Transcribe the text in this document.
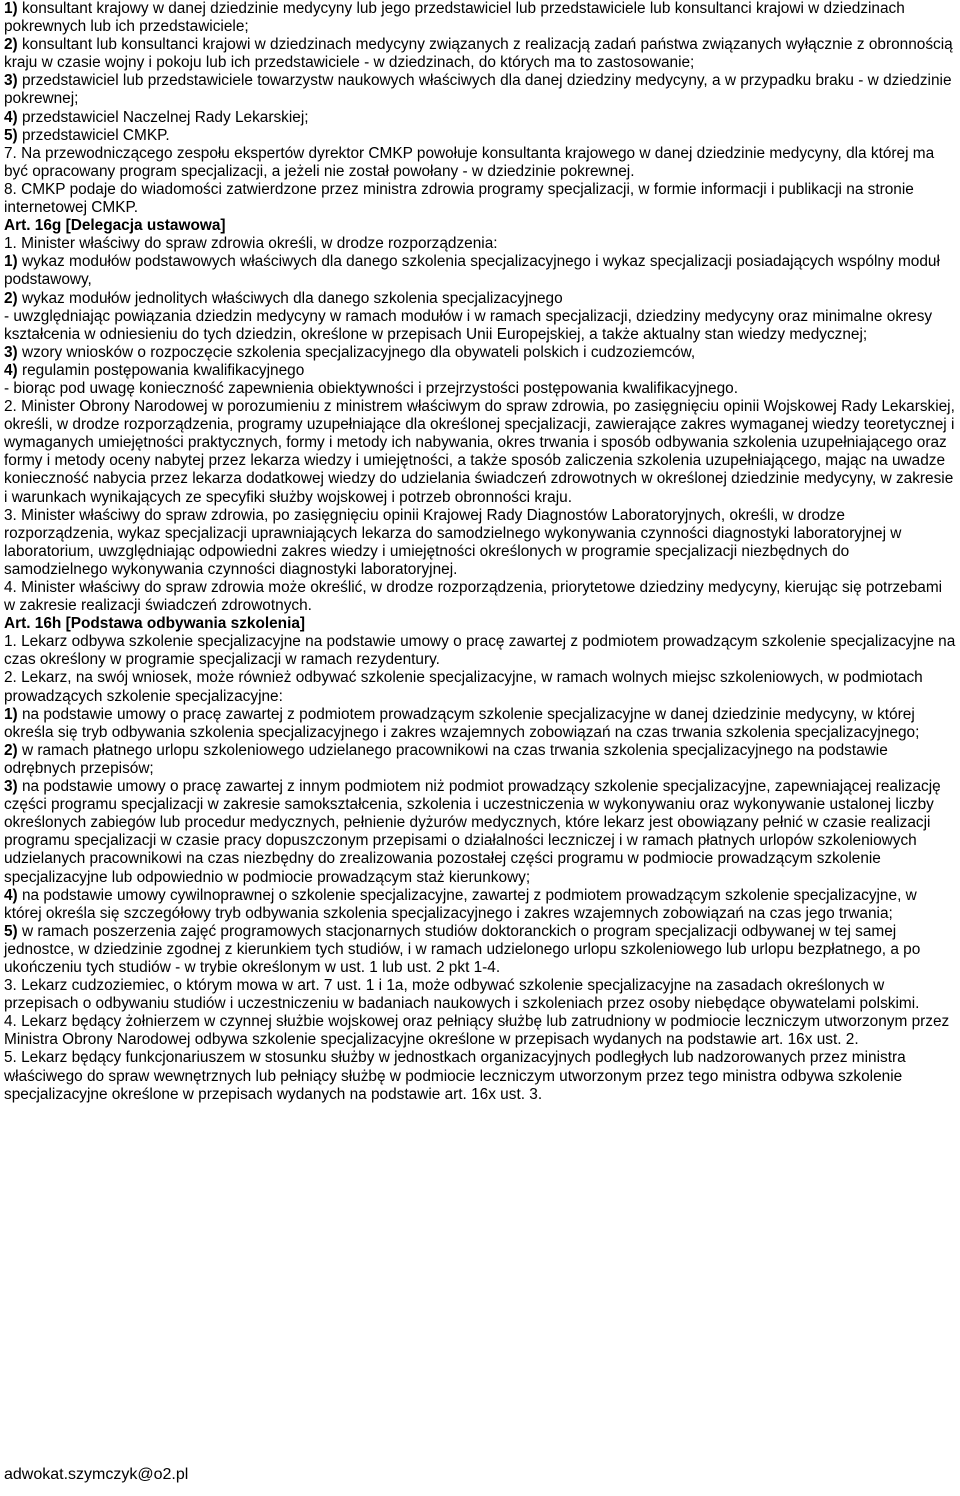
1) konsultant krajowy w danej dziedzinie medycyny lub jego przedstawiciel lub przedstawiciele lub konsultanci krajowi w dziedzinach pokrewnych lub ich przedstawiciele;

2) konsultant lub konsultanci krajowi w dziedzinach medycyny związanych z realizacją zadań państwa związanych wyłącznie z obronnością kraju w czasie wojny i pokoju lub ich przedstawiciele - w dziedzinach, do których ma to zastosowanie;

3) przedstawiciel lub przedstawiciele towarzystw naukowych właściwych dla danej dziedziny medycyny, a w przypadku braku - w dziedzinie pokrewnej;

4) przedstawiciel Naczelnej Rady Lekarskiej;

5) przedstawiciel CMKP.

7. Na przewodniczącego zespołu ekspertów dyrektor CMKP powołuje konsultanta krajowego w danej dziedzinie medycyny, dla której ma być opracowany program specjalizacji, a jeżeli nie został powołany - w dziedzinie pokrewnej.

8. CMKP podaje do wiadomości zatwierdzone przez ministra zdrowia programy specjalizacji, w formie informacji i publikacji na stronie internetowej CMKP.

Art. 16g [Delegacja ustawowa]

1. Minister właściwy do spraw zdrowia określi, w drodze rozporządzenia:

1) wykaz modułów podstawowych właściwych dla danego szkolenia specjalizacyjnego i wykaz specjalizacji posiadających wspólny moduł podstawowy,

2) wykaz modułów jednolitych właściwych dla danego szkolenia specjalizacyjnego

- uwzględniając powiązania dziedzin medycyny w ramach modułów i w ramach specjalizacji, dziedziny medycyny oraz minimalne okresy kształcenia w odniesieniu do tych dziedzin, określone w przepisach Unii Europejskiej, a także aktualny stan wiedzy medycznej;

3) wzory wniosków o rozpoczęcie szkolenia specjalizacyjnego dla obywateli polskich i cudzoziemców,

4) regulamin postępowania kwalifikacyjnego

- biorąc pod uwagę konieczność zapewnienia obiektywności i przejrzystości postępowania kwalifikacyjnego.

2. Minister Obrony Narodowej w porozumieniu z ministrem właściwym do spraw zdrowia, po zasięgnięciu opinii Wojskowej Rady Lekarskiej, określi, w drodze rozporządzenia, programy uzupełniające dla określonej specjalizacji, zawierające zakres wymaganej wiedzy teoretycznej i wymaganych umiejętności praktycznych, formy i metody ich nabywania, okres trwania i sposób odbywania szkolenia uzupełniającego oraz formy i metody oceny nabytej przez lekarza wiedzy i umiejętności, a także sposób zaliczenia szkolenia uzupełniającego, mając na uwadze konieczność nabycia przez lekarza dodatkowej wiedzy do udzielania świadczeń zdrowotnych w określonej dziedzinie medycyny, w zakresie i warunkach wynikających ze specyfiki służby wojskowej i potrzeb obronności kraju.

3. Minister właściwy do spraw zdrowia, po zasięgnięciu opinii Krajowej Rady Diagnostów Laboratoryjnych, określi, w drodze rozporządzenia, wykaz specjalizacji uprawniających lekarza do samodzielnego wykonywania czynności diagnostyki laboratoryjnej w laboratorium, uwzględniając odpowiedni zakres wiedzy i umiejętności określonych w programie specjalizacji niezbędnych do samodzielnego wykonywania czynności diagnostyki laboratoryjnej.

4. Minister właściwy do spraw zdrowia może określić, w drodze rozporządzenia, priorytetowe dziedziny medycyny, kierując się potrzebami w zakresie realizacji świadczeń zdrowotnych.

Art. 16h [Podstawa odbywania szkolenia]

1. Lekarz odbywa szkolenie specjalizacyjne na podstawie umowy o pracę zawartej z podmiotem prowadzącym szkolenie specjalizacyjne na czas określony w programie specjalizacji w ramach rezydentury.

2. Lekarz, na swój wniosek, może również odbywać szkolenie specjalizacyjne, w ramach wolnych miejsc szkoleniowych, w podmiotach prowadzących szkolenie specjalizacyjne:

1) na podstawie umowy o pracę zawartej z podmiotem prowadzącym szkolenie specjalizacyjne w danej dziedzinie medycyny, w której określa się tryb odbywania szkolenia specjalizacyjnego i zakres wzajemnych zobowiązań na czas trwania szkolenia specjalizacyjnego;

2) w ramach płatnego urlopu szkoleniowego udzielanego pracownikowi na czas trwania szkolenia specjalizacyjnego na podstawie odrębnych przepisów;

3) na podstawie umowy o pracę zawartej z innym podmiotem niż podmiot prowadzący szkolenie specjalizacyjne, zapewniającej realizację części programu specjalizacji w zakresie samokształcenia, szkolenia i uczestniczenia w wykonywaniu oraz wykonywanie ustalonej liczby określonych zabiegów lub procedur medycznych, pełnienie dyżurów medycznych, które lekarz jest obowiązany pełnić w czasie realizacji programu specjalizacji w czasie pracy dopuszczonym przepisami o działalności leczniczej i w ramach płatnych urlopów szkoleniowych udzielanych pracownikowi na czas niezbędny do zrealizowania pozostałej części programu w podmiocie prowadzącym szkolenie specjalizacyjne lub odpowiednio w podmiocie prowadzącym staż kierunkowy;

4) na podstawie umowy cywilnoprawnej o szkolenie specjalizacyjne, zawartej z podmiotem prowadzącym szkolenie specjalizacyjne, w której określa się szczegółowy tryb odbywania szkolenia specjalizacyjnego i zakres wzajemnych zobowiązań na czas jego trwania;

5) w ramach poszerzenia zajęć programowych stacjonarnych studiów doktoranckich o program specjalizacji odbywanej w tej samej jednostce, w dziedzinie zgodnej z kierunkiem tych studiów, i w ramach udzielonego urlopu szkoleniowego lub urlopu bezpłatnego, a po ukończeniu tych studiów - w trybie określonym w ust. 1 lub ust. 2 pkt 1-4.

3. Lekarz cudzoziemiec, o którym mowa w art. 7 ust. 1 i 1a, może odbywać szkolenie specjalizacyjne na zasadach określonych w przepisach o odbywaniu studiów i uczestniczeniu w badaniach naukowych i szkoleniach przez osoby niebędące obywatelami polskimi.

4. Lekarz będący żołnierzem w czynnej służbie wojskowej oraz pełniący służbę lub zatrudniony w podmiocie leczniczym utworzonym przez Ministra Obrony Narodowej odbywa szkolenie specjalizacyjne określone w przepisach wydanych na podstawie art. 16x ust. 2.

5. Lekarz będący funkcjonariuszem w stosunku służby w jednostkach organizacyjnych podległych lub nadzorowanych przez ministra właściwego do spraw wewnętrznych lub pełniący służbę w podmiocie leczniczym utworzonym przez tego ministra odbywa szkolenie specjalizacyjne określone w przepisach wydanych na podstawie art. 16x ust. 3.

adwokat.szymczyk@o2.pl
